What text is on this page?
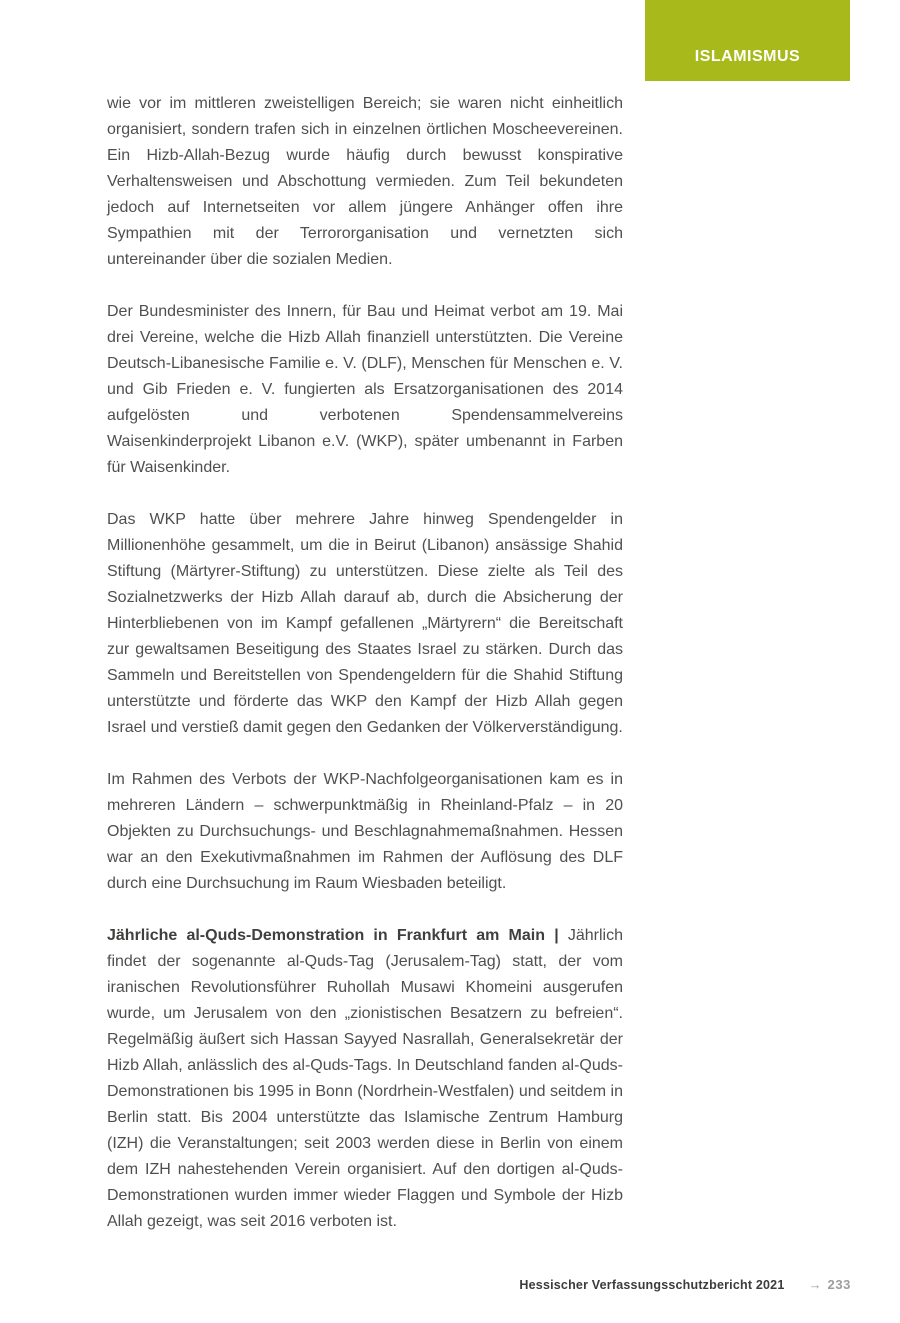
ISLAMISMUS

wie vor im mittleren zweistelligen Bereich; sie waren nicht einheitlich organisiert, sondern trafen sich in einzelnen örtlichen Moscheevereinen. Ein Hizb-Allah-Bezug wurde häufig durch bewusst konspirative Verhaltensweisen und Abschottung vermieden. Zum Teil bekundeten jedoch auf Internetseiten vor allem jüngere Anhänger offen ihre Sympathien mit der Terrororganisation und vernetzten sich untereinander über die sozialen Medien.

Der Bundesminister des Innern, für Bau und Heimat verbot am 19. Mai drei Vereine, welche die Hizb Allah finanziell unterstützten. Die Vereine Deutsch-Libanesische Familie e. V. (DLF), Menschen für Menschen e. V. und Gib Frieden e. V. fungierten als Ersatzorganisationen des 2014 aufgelösten und verbotenen Spendensammelvereins Waisenkinderprojekt Libanon e.V. (WKP), später umbenannt in Farben für Waisenkinder.

Das WKP hatte über mehrere Jahre hinweg Spendengelder in Millionenhöhe gesammelt, um die in Beirut (Libanon) ansässige Shahid Stiftung (Märtyrer-Stiftung) zu unterstützen. Diese zielte als Teil des Sozialnetzwerks der Hizb Allah darauf ab, durch die Absicherung der Hinterbliebenen von im Kampf gefallenen „Märtyrern“ die Bereitschaft zur gewaltsamen Beseitigung des Staates Israel zu stärken. Durch das Sammeln und Bereitstellen von Spendengeldern für die Shahid Stiftung unterstützte und förderte das WKP den Kampf der Hizb Allah gegen Israel und verstieß damit gegen den Gedanken der Völkerverständigung.

Im Rahmen des Verbots der WKP-Nachfolgeorganisationen kam es in mehreren Ländern – schwerpunktmäßig in Rheinland-Pfalz – in 20 Objekten zu Durchsuchungs- und Beschlagnahmemaßnahmen. Hessen war an den Exekutivmaßnahmen im Rahmen der Auflösung des DLF durch eine Durchsuchung im Raum Wiesbaden beteiligt.

Jährliche al-Quds-Demonstration in Frankfurt am Main | Jährlich findet der sogenannte al-Quds-Tag (Jerusalem-Tag) statt, der vom iranischen Revolutionsführer Ruhollah Musawi Khomeini ausgerufen wurde, um Jerusalem von den „zionistischen Besatzern zu befreien“. Regelmäßig äußert sich Hassan Sayyed Nasrallah, Generalsekretär der Hizb Allah, anlässlich des al-Quds-Tags. In Deutschland fanden al-Quds-Demonstrationen bis 1995 in Bonn (Nordrhein-Westfalen) und seitdem in Berlin statt. Bis 2004 unterstützte das Islamische Zentrum Hamburg (IZH) die Veranstaltungen; seit 2003 werden diese in Berlin von einem dem IZH nahestehenden Verein organisiert. Auf den dortigen al-Quds-Demonstrationen wurden immer wieder Flaggen und Symbole der Hizb Allah gezeigt, was seit 2016 verboten ist.

Hessischer Verfassungsschutzbericht 2021 → 233
